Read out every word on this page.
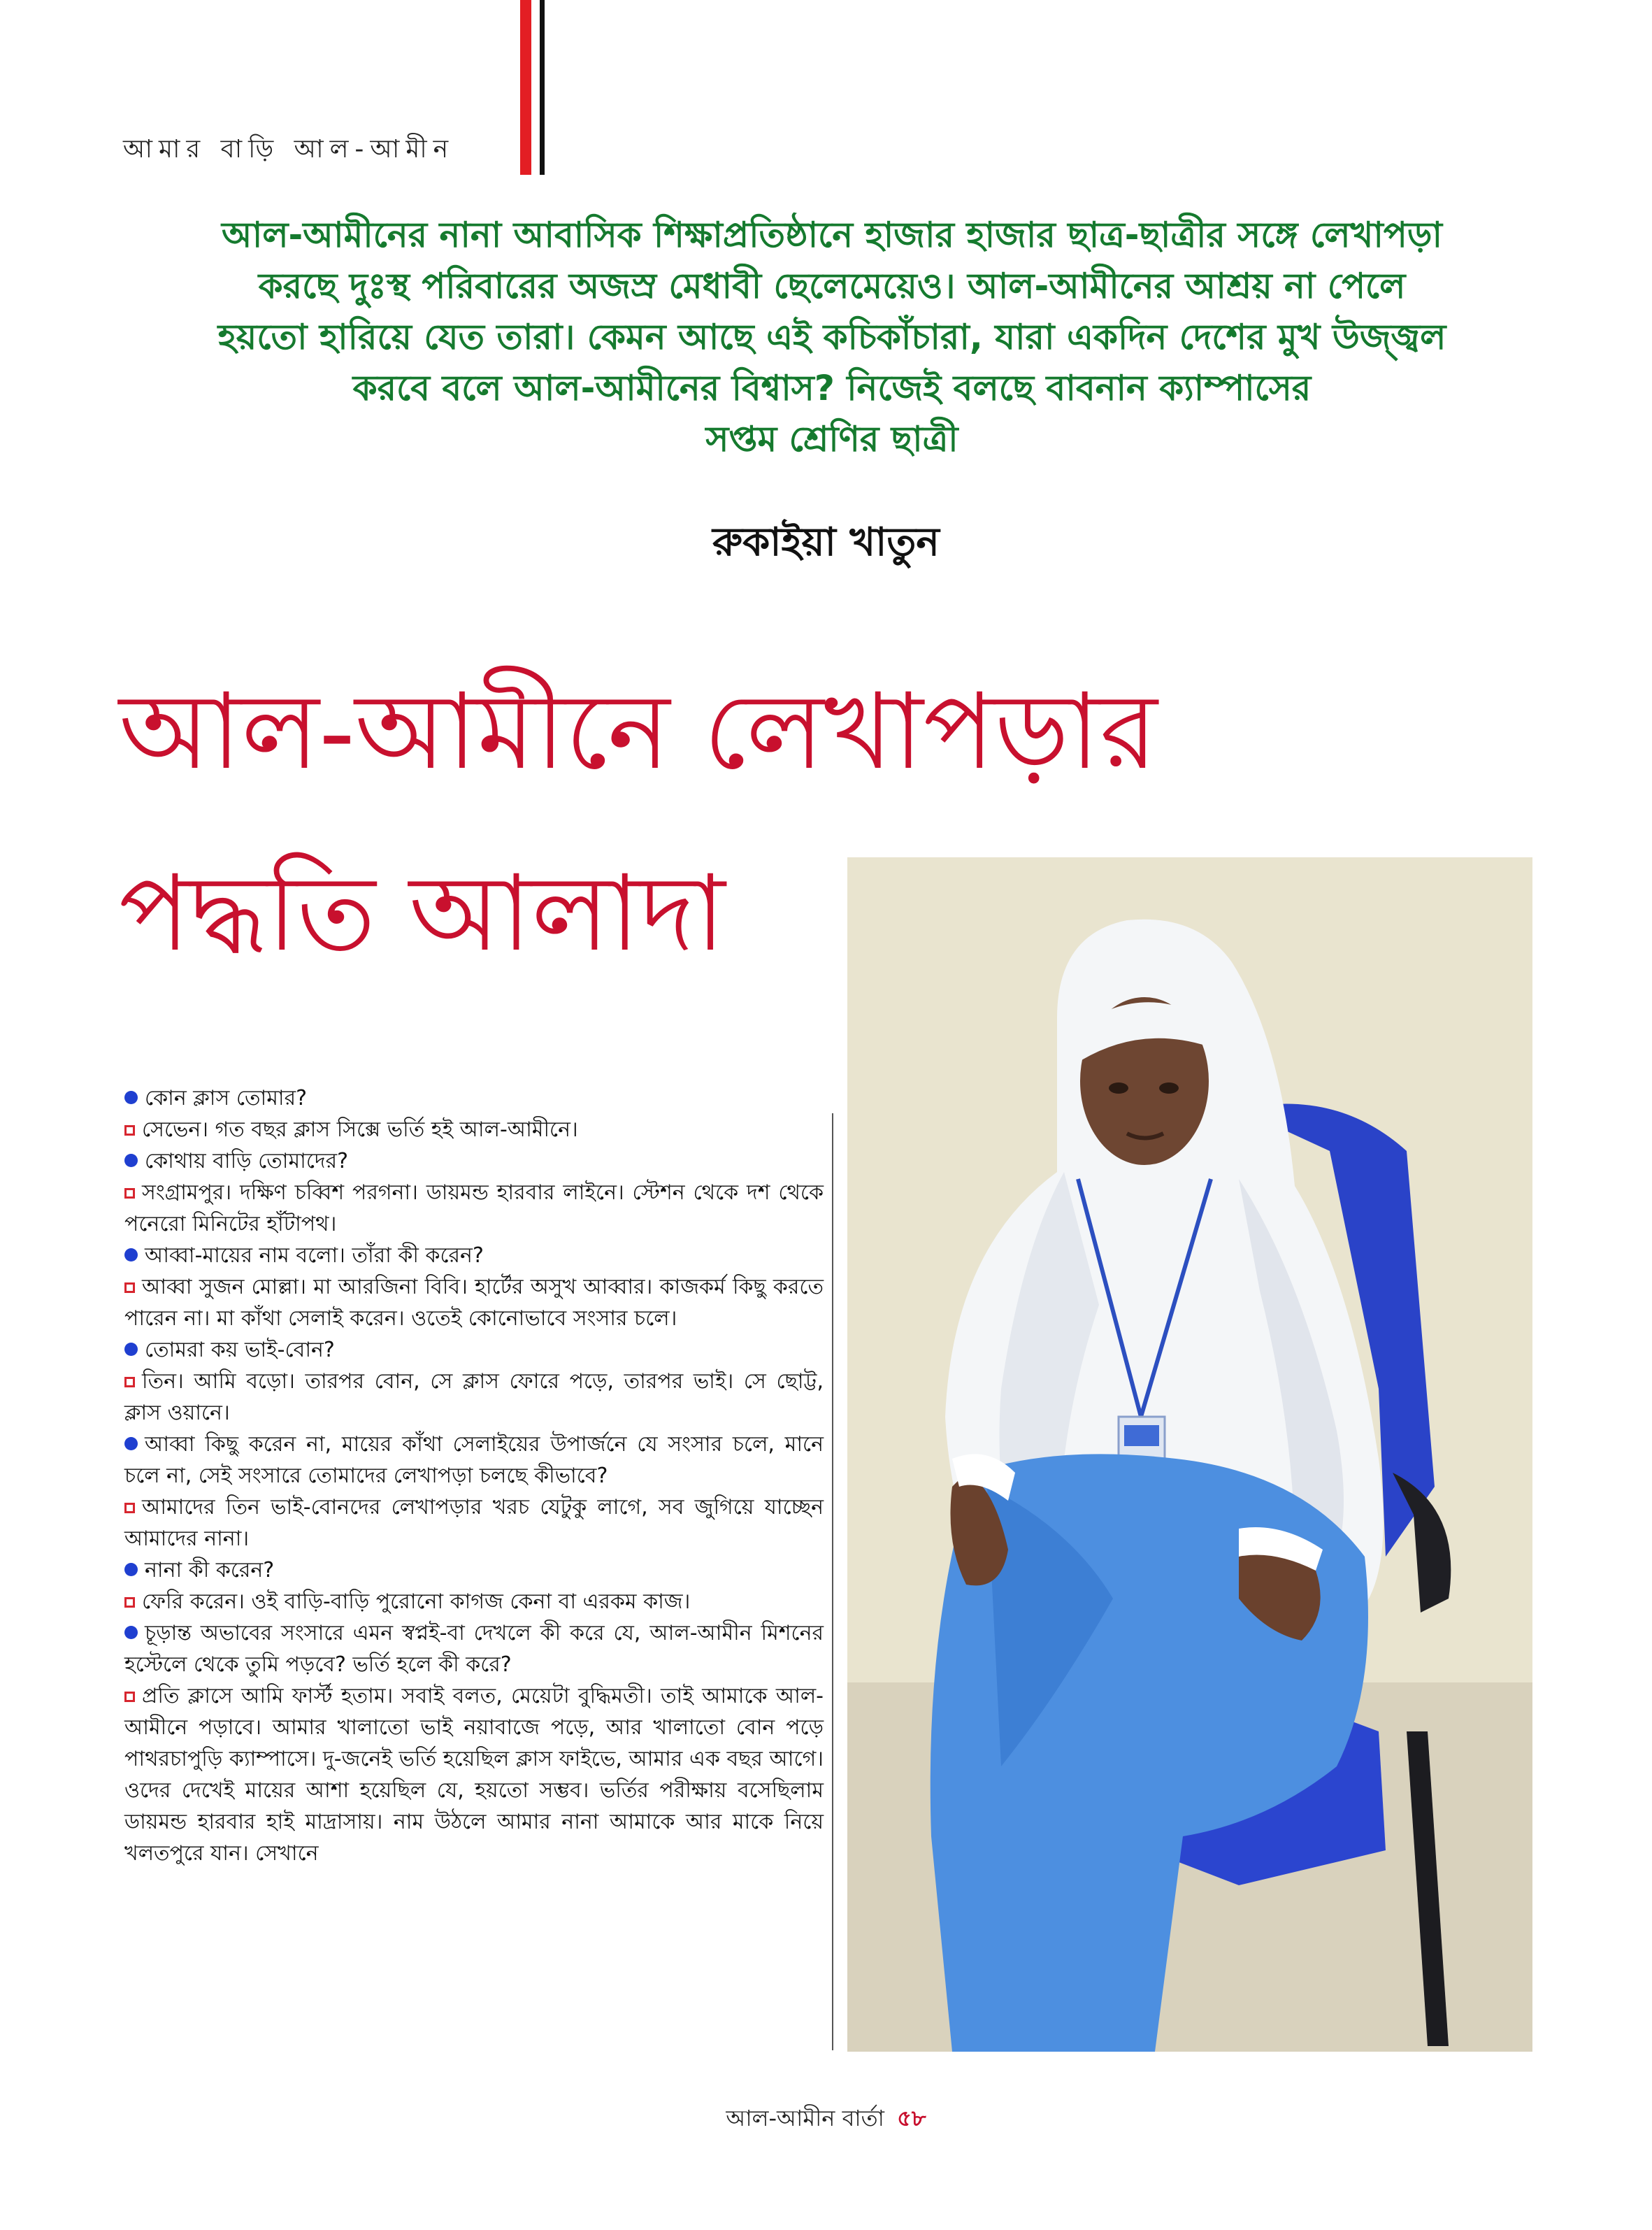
আমার বাড়ি আল-আমীন
আল-আমীনের নানা আবাসিক শিক্ষাপ্রতিষ্ঠানে হাজার হাজার ছাত্র-ছাত্রীর সঙ্গে লেখাপড়া
করছে দুঃস্থ পরিবারের অজস্র মেধাবী ছেলেমেয়েও। আল-আমীনের আশ্রয় না পেলে
হয়তো হারিয়ে যেত তারা। কেমন আছে এই কচিকাঁচারা, যারা একদিন দেশের মুখ উজ্জ্বল
করবে বলে আল-আমীনের বিশ্বাস? নিজেই বলছে বাবনান ক্যাম্পাসের
সপ্তম শ্রেণির ছাত্রী
রুকাইয়া খাতুন
আল-আমীনে লেখাপড়ার
পদ্ধতি আলাদা

কোন ক্লাস তোমার?

সেভেন। গত বছর ক্লাস সিক্সে ভর্তি হই আল-আমীনে।

কোথায় বাড়ি তোমাদের?

সংগ্রামপুর। দক্ষিণ চব্বিশ পরগনা। ডায়মন্ড হারবার লাইনে। স্টেশন থেকে দশ থেকে পনেরো মিনিটের হাঁটাপথ।

আব্বা-মায়ের নাম বলো। তাঁরা কী করেন?

আব্বা সুজন মোল্লা। মা আরজিনা বিবি। হার্টের অসুখ আব্বার। কাজকর্ম কিছু করতে পারেন না। মা কাঁথা সেলাই করেন। ওতেই কোনোভাবে সংসার চলে।

তোমরা কয় ভাই-বোন?

তিন। আমি বড়ো। তারপর বোন, সে ক্লাস ফোরে পড়ে, তারপর ভাই। সে ছোট্ট, ক্লাস ওয়ানে।

আব্বা কিছু করেন না, মায়ের কাঁথা সেলাইয়ের উপার্জনে যে সংসার চলে, মানে চলে না, সেই সংসারে তোমাদের লেখাপড়া চলছে কীভাবে?

আমাদের তিন ভাই-বোনদের লেখাপড়ার খরচ যেটুকু লাগে, সব জুগিয়ে যাচ্ছেন আমাদের নানা।

নানা কী করেন?

ফেরি করেন। ওই বাড়ি-বাড়ি পুরোনো কাগজ কেনা বা এরকম কাজ।

চূড়ান্ত অভাবের সংসারে এমন স্বপ্নই-বা দেখলে কী করে যে, আল-আমীন মিশনের হস্টেলে থেকে তুমি পড়বে? ভর্তি হলে কী করে?

প্রতি ক্লাসে আমি ফার্স্ট হতাম। সবাই বলত, মেয়েটা বুদ্ধিমতী। তাই আমাকে আল-আমীনে পড়াবে। আমার খালাতো ভাই নয়াবাজে পড়ে, আর খালাতো বোন পড়ে পাথরচাপুড়ি ক্যাম্পাসে। দু-জনেই ভর্তি হয়েছিল ক্লাস ফাইভে, আমার এক বছর আগে। ওদের দেখেই মায়ের আশা হয়েছিল যে, হয়তো সম্ভব। ভর্তির পরীক্ষায় বসেছিলাম ডায়মন্ড হারবার হাই মাদ্রাসায়। নাম উঠলে আমার নানা আমাকে আর মাকে নিয়ে খলতপুরে যান। সেখানে

আল-আমীন বার্তা ৫৮
